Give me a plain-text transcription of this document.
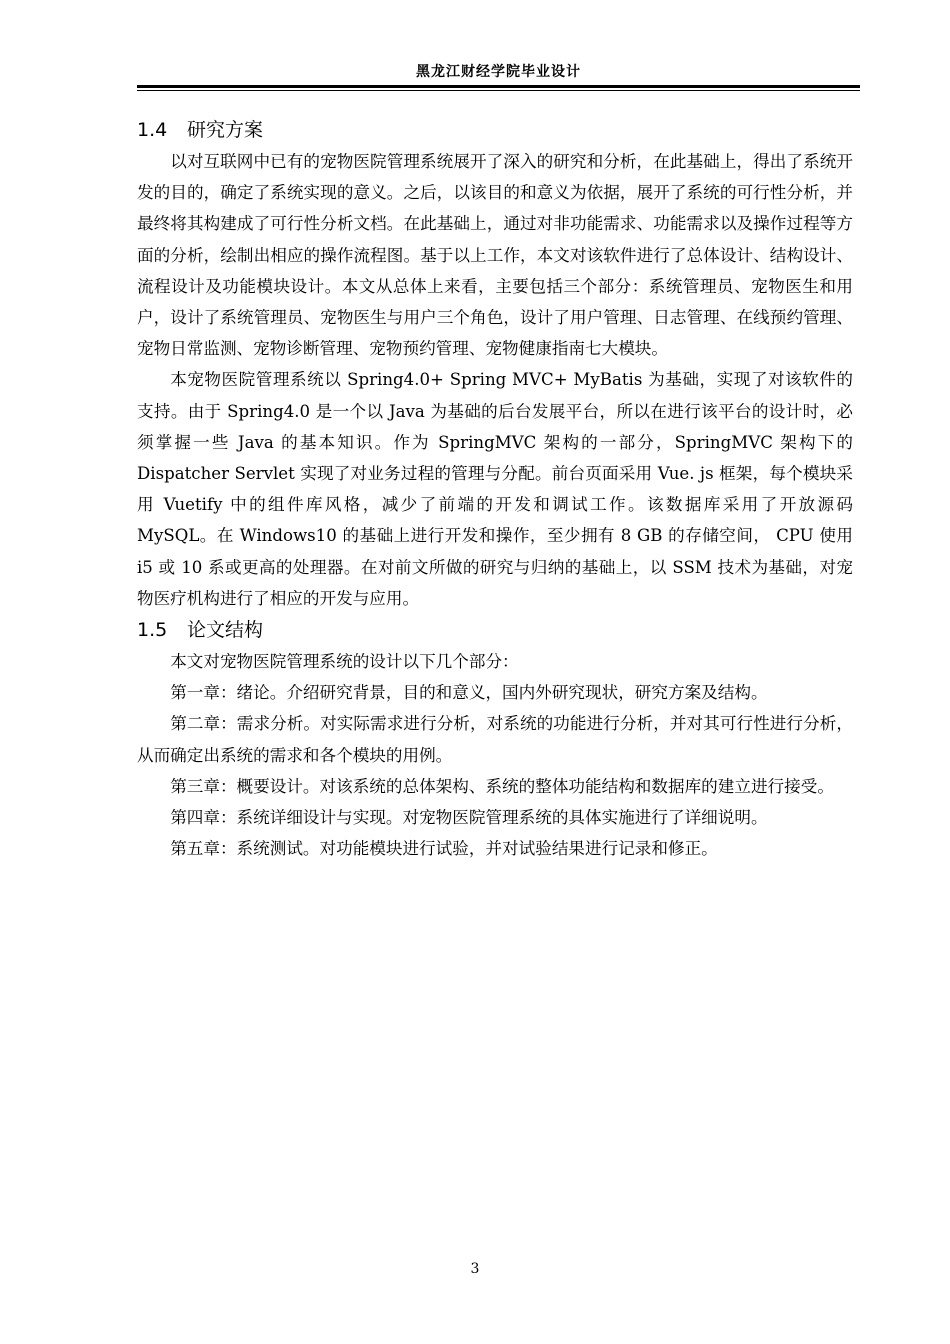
黑龙江财经学院毕业设计
1.4 研究方案

以对互联网中已有的宠物医院管理系统展开了深入的研究和分析，在此基础上，得出了系统开发的目的，确定了系统实现的意义。之后，以该目的和意义为依据，展开了系统的可行性分析，并最终将其构建成了可行性分析文档。在此基础上，通过对非功能需求、功能需求以及操作过程等方面的分析，绘制出相应的操作流程图。基于以上工作，本文对该软件进行了总体设计、结构设计、流程设计及功能模块设计。本文从总体上来看，主要包括三个部分：系统管理员、宠物医生和用户，设计了系统管理员、宠物医生与用户三个角色，设计了用户管理、日志管理、在线预约管理、宠物日常监测、宠物诊断管理、宠物预约管理、宠物健康指南七大模块。

本宠物医院管理系统以 Spring4.0+ Spring MVC+ MyBatis 为基础，实现了对该软件的支持。由于 Spring4.0 是一个以 Java 为基础的后台发展平台，所以在进行该平台的设计时，必须掌握一些 Java 的基本知识。作为 SpringMVC 架构的一部分，SpringMVC 架构下的 Dispatcher Servlet 实现了对业务过程的管理与分配。前台页面采用 Vue. js 框架，每个模块采用 Vuetify 中的组件库风格，减少了前端的开发和调试工作。该数据库采用了开放源码 MySQL。在 Windows10 的基础上进行开发和操作，至少拥有 8 GB 的存储空间， CPU 使用 i5 或 10 系或更高的处理器。在对前文所做的研究与归纳的基础上，以 SSM 技术为基础，对宠物医疗机构进行了相应的开发与应用。

1.5 论文结构

本文对宠物医院管理系统的设计以下几个部分：

第一章：绪论。介绍研究背景，目的和意义，国内外研究现状，研究方案及结构。

第二章：需求分析。对实际需求进行分析，对系统的功能进行分析，并对其可行性进行分析，从而确定出系统的需求和各个模块的用例。

第三章：概要设计。对该系统的总体架构、系统的整体功能结构和数据库的建立进行接受。

第四章：系统详细设计与实现。对宠物医院管理系统的具体实施进行了详细说明。

第五章：系统测试。对功能模块进行试验，并对试验结果进行记录和修正。

3
